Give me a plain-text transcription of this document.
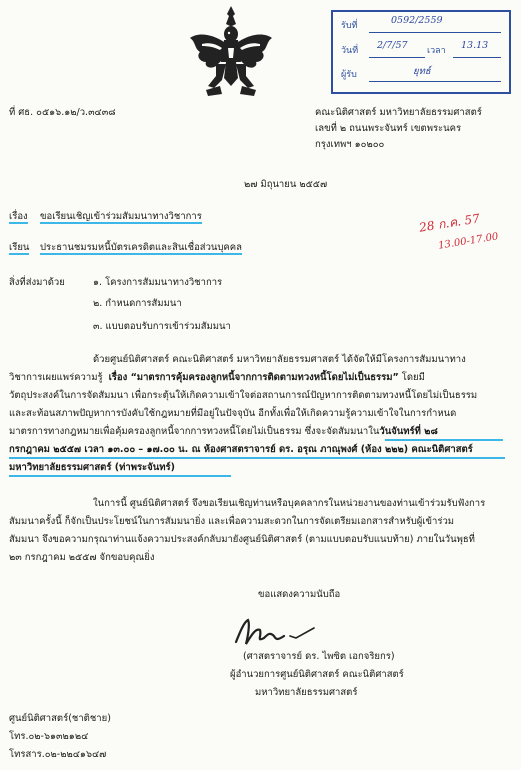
รับที่	0592/2559
วันที่ 2/7/57 เวลา 13.13
ผู้รับ	ยุทธ์
ที่ ศธ. ๐๕๑๖.๑๒/ว.๓๔๓๘	คณะนิติศาสตร์ มหาวิทยาลัยธรรมศาสตร์
เลขที่ ๒ ถนนพระจันทร์ เขตพระนคร
กรุงเทพฯ ๑๐๒๐๐
๒๗ มิถุนายน ๒๕๕๗
เรื่อง ขอเรียนเชิญเข้าร่วมสัมมนาทางวิชาการ
เรียน ประธานชมรมหนี้บัตรเครดิตและสินเชื่อส่วนบุคคล
28 ก.ค. 57
13.00-17.00
สิ่งที่ส่งมาด้วย	๑. โครงการสัมมนาทางวิชาการ
๒. กำหนดการสัมมนา
๓. แบบตอบรับการเข้าร่วมสัมมนา
ด้วยศูนย์นิติศาสตร์ คณะนิติศาสตร์ มหาวิทยาลัยธรรมศาสตร์ ได้จัดให้มีโครงการสัมมนาทาง
วิชาการเผยแพร่ความรู้ เรื่อง “มาตรการคุ้มครองลูกหนี้จากการติดตามทวงหนี้โดยไม่เป็นธรรม” โดยมี
วัตถุประสงค์ในการจัดสัมมนา เพื่อกระตุ้นให้เกิดความเข้าใจต่อสถานการณ์ปัญหาการติดตามทวงหนี้โดยไม่เป็นธรรม
และสะท้อนสภาพปัญหาการบังคับใช้กฎหมายที่มีอยู่ในปัจจุบัน อีกทั้งเพื่อให้เกิดความรู้ความเข้าใจในการกำหนด
มาตรการทางกฎหมายเพื่อคุ้มครองลูกหนี้จากการทวงหนี้โดยไม่เป็นธรรม ซึ่งจะจัดสัมมนาในวันจันทร์ที่ ๒๘
กรกฎาคม ๒๕๕๗ เวลา ๑๓.๐๐ – ๑๗.๐๐ น. ณ ห้องศาสตราจารย์ ดร. อรุณ ภาณุพงศ์ (ห้อง ๒๒๒) คณะนิติศาสตร์
มหาวิทยาลัยธรรมศาสตร์ (ท่าพระจันทร์)
ในการนี้ ศูนย์นิติศาสตร์ จึงขอเรียนเชิญท่านหรือบุคคลากรในหน่วยงานของท่านเข้าร่วมรับฟังการ
สัมมนาครั้งนี้ ก็จักเป็นประโยชน์ในการสัมมนายิ่ง และเพื่อความสะดวกในการจัดเตรียมเอกสารสำหรับผู้เข้าร่วม
สัมมนา จึงขอความกรุณาท่านแจ้งความประสงค์กลับมายังศูนย์นิติศาสตร์ (ตามแบบตอบรับแนบท้าย) ภายในวันพุธที่
๒๓ กรกฎาคม ๒๕๕๗ จักขอบคุณยิ่ง
ขอแสดงความนับถือ
(ศาสตราจารย์ ดร. ไพซิต เอกจริยกร)
ผู้อำนวยการศูนย์นิติศาสตร์ คณะนิติศาสตร์
มหาวิทยาลัยธรรมศาสตร์
ศูนย์นิติศาสตร์(ชาติชาย)
โทร.๐๒-๖๑๓๒๑๒๔
โทรสาร.๐๒-๒๒๔๑๖๔๗
